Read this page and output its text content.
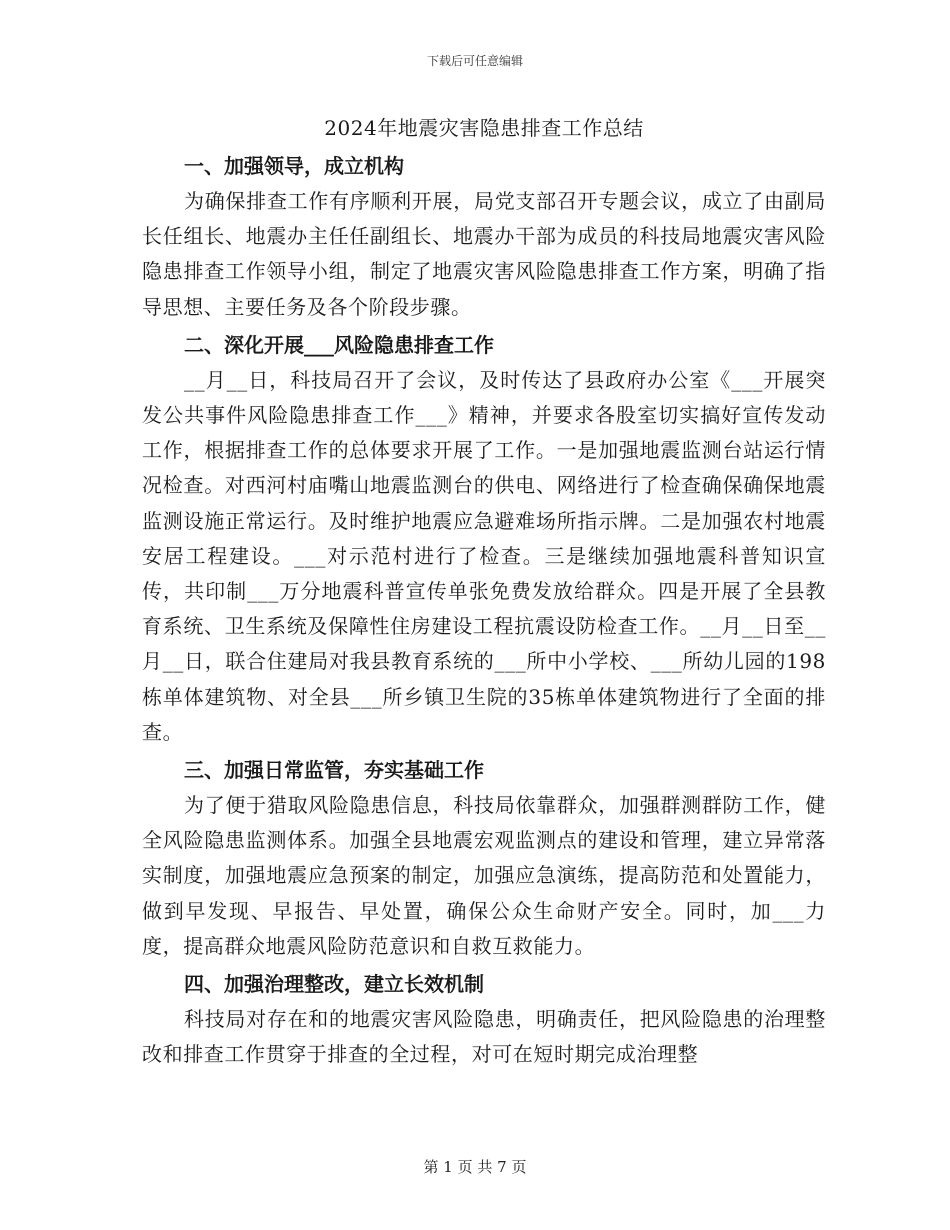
下载后可任意编辑
2024年地震灾害隐患排查工作总结
一、加强领导，成立机构

为确保排查工作有序顺利开展，局党支部召开专题会议，成立了由副局长任组长、地震办主任任副组长、地震办干部为成员的科技局地震灾害风险隐患排查工作领导小组，制定了地震灾害风险隐患排查工作方案，明确了指导思想、主要任务及各个阶段步骤。

二、深化开展___风险隐患排查工作

__月__日，科技局召开了会议，及时传达了县政府办公室《___开展突发公共事件风险隐患排查工作___》精神，并要求各股室切实搞好宣传发动工作，根据排查工作的总体要求开展了工作。一是加强地震监测台站运行情况检查。对西河村庙嘴山地震监测台的供电、网络进行了检查确保确保地震监测设施正常运行。及时维护地震应急避难场所指示牌。二是加强农村地震安居工程建设。___对示范村进行了检查。三是继续加强地震科普知识宣传，共印制___万分地震科普宣传单张免费发放给群众。四是开展了全县教育系统、卫生系统及保障性住房建设工程抗震设防检查工作。__月__日至__月__日，联合住建局对我县教育系统的___所中小学校、___所幼儿园的198栋单体建筑物、对全县___所乡镇卫生院的35栋单体建筑物进行了全面的排查。

三、加强日常监管，夯实基础工作

为了便于猎取风险隐患信息，科技局依靠群众，加强群测群防工作，健全风险隐患监测体系。加强全县地震宏观监测点的建设和管理，建立异常落实制度，加强地震应急预案的制定，加强应急演练，提高防范和处置能力，做到早发现、早报告、早处置，确保公众生命财产安全。同时，加___力度，提高群众地震风险防范意识和自救互救能力。

四、加强治理整改，建立长效机制

科技局对存在和的地震灾害风险隐患，明确责任，把风险隐患的治理整改和排查工作贯穿于排查的全过程，对可在短时期完成治理整

第 1 页 共 7 页
